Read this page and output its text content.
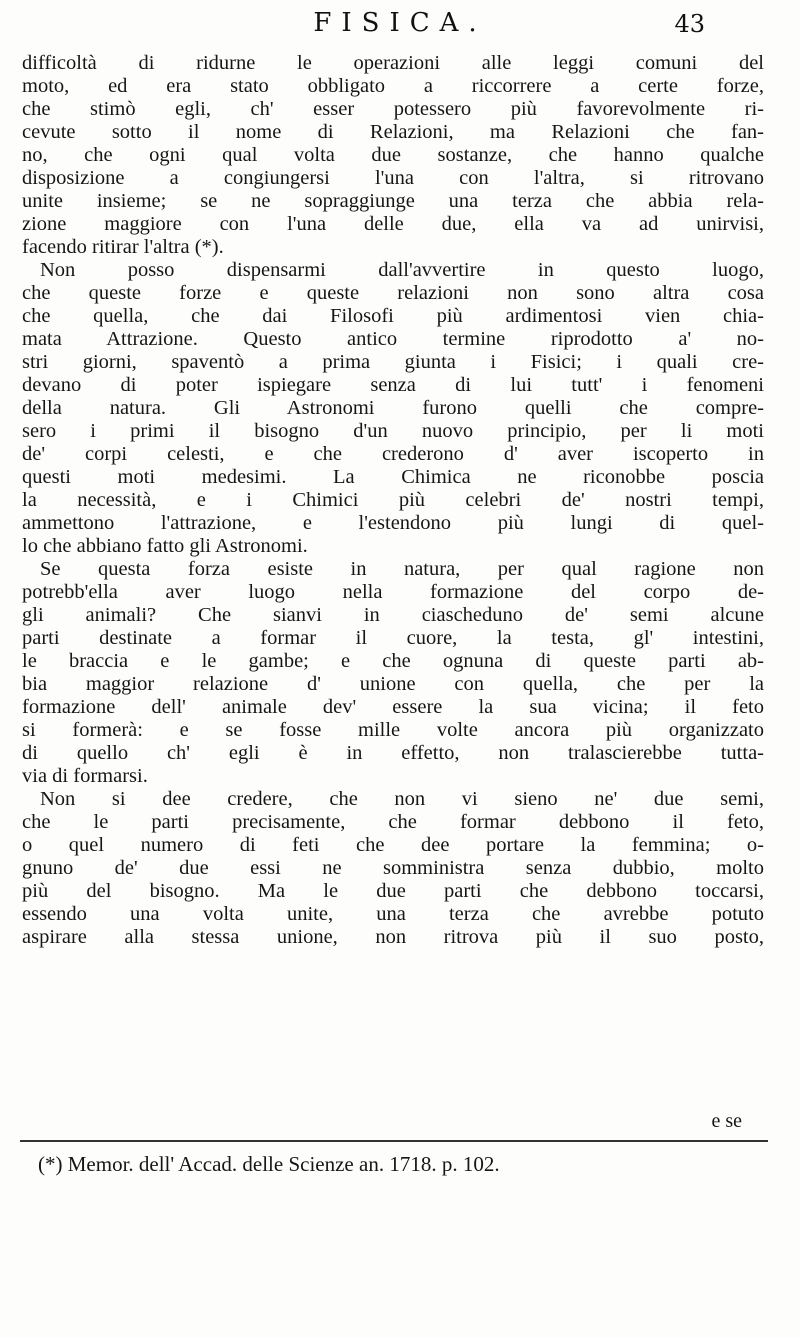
FISICA.	43

difficoltà di ridurne le operazioni alle leggi comuni del

moto, ed era stato obbligato a riccorrere a certe forze,

che stimò egli, ch' esser potessero più favorevolmente ri-

cevute sotto il nome di Relazioni, ma Relazioni che fan-

no, che ogni qual volta due sostanze, che hanno qualche

disposizione a congiungersi l'una con l'altra, si ritrovano

unite insieme; se ne sopraggiunge una terza che abbia rela-

zione maggiore con l'una delle due, ella va ad unirvisi,

facendo ritirar l'altra (*).

Non posso dispensarmi dall'avvertire in questo luogo,

che queste forze e queste relazioni non sono altra cosa

che quella, che dai Filosofi più ardimentosi vien chia-

mata Attrazione. Questo antico termine riprodotto a' no-

stri giorni, spaventò a prima giunta i Fisici; i quali cre-

devano di poter ispiegare senza di lui tutt' i fenomeni

della natura. Gli Astronomi furono quelli che compre-

sero i primi il bisogno d'un nuovo principio, per li moti

de' corpi celesti, e che crederono d' aver iscoperto in

questi moti medesimi. La Chimica ne riconobbe poscia

la necessità, e i Chimici più celebri de' nostri tempi,

ammettono l'attrazione, e l'estendono più lungi di quel-

lo che abbiano fatto gli Astronomi.

Se questa forza esiste in natura, per qual ragione non

potrebb'ella aver luogo nella formazione del corpo de-

gli animali? Che sianvi in ciascheduno de' semi alcune

parti destinate a formar il cuore, la testa, gl' intestini,

le braccia e le gambe; e che ognuna di queste parti ab-

bia maggior relazione d' unione con quella, che per la

formazione dell' animale dev' essere la sua vicina; il feto

si formerà: e se fosse mille volte ancora più organizzato

di quello ch' egli è in effetto, non tralascierebbe tutta-

via di formarsi.

Non si dee credere, che non vi sieno ne' due semi,

che le parti precisamente, che formar debbono il feto,

o quel numero di feti che dee portare la femmina; o-

gnuno de' due essi ne somministra senza dubbio, molto

più del bisogno. Ma le due parti che debbono toccarsi,

essendo una volta unite, una terza che avrebbe potuto

aspirare alla stessa unione, non ritrova più il suo posto,

e se
(*) Memor. dell' Accad. delle Scienze an. 1718. p. 102.
